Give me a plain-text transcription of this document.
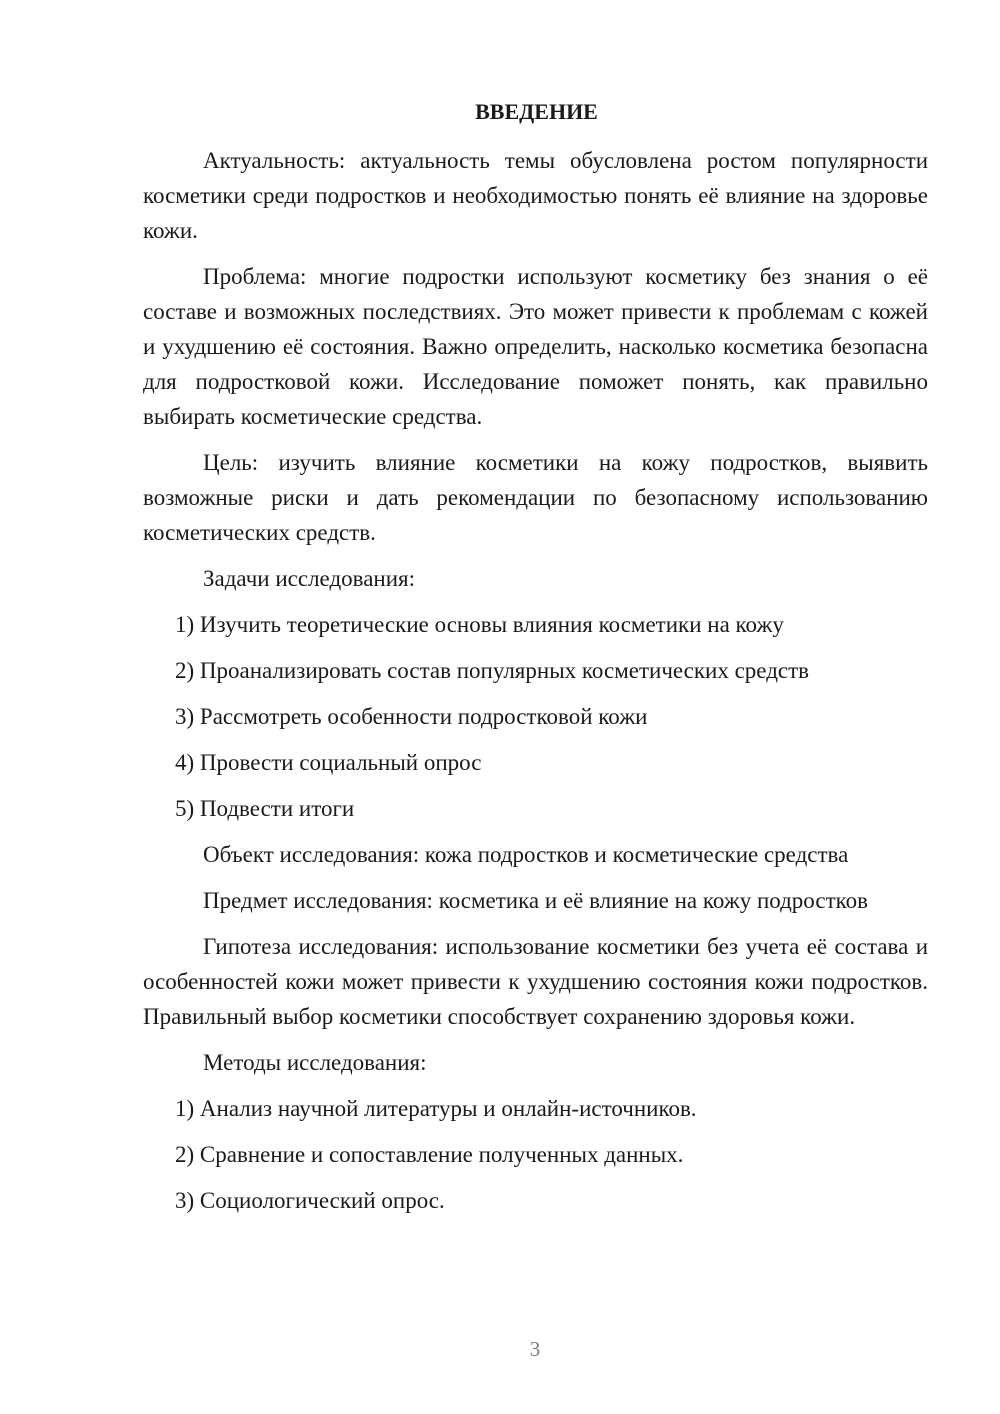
ВВЕДЕНИЕ

Актуальность: актуальность темы обусловлена ростом популярности косметики среди подростков и необходимостью понять её влияние на здоровье кожи.

Проблема: многие подростки используют косметику без знания о её составе и возможных последствиях. Это может привести к проблемам с кожей и ухудшению её состояния. Важно определить, насколько косметика безопасна для подростковой кожи. Исследование поможет понять, как правильно выбирать косметические средства.

Цель: изучить влияние косметики на кожу подростков, выявить возможные риски и дать рекомендации по безопасному использованию косметических средств.

Задачи исследования:

1) Изучить теоретические основы влияния косметики на кожу

2) Проанализировать состав популярных косметических средств

3) Рассмотреть особенности подростковой кожи

4) Провести социальный опрос

5) Подвести итоги

Объект исследования: кожа подростков и косметические средства

Предмет исследования: косметика и её влияние на кожу подростков

Гипотеза исследования: использование косметики без учета её состава и особенностей кожи может привести к ухудшению состояния кожи подростков. Правильный выбор косметики способствует сохранению здоровья кожи.

Методы исследования:

1) Анализ научной литературы и онлайн-источников.

2) Сравнение и сопоставление полученных данных.

3) Социологический опрос.

3
